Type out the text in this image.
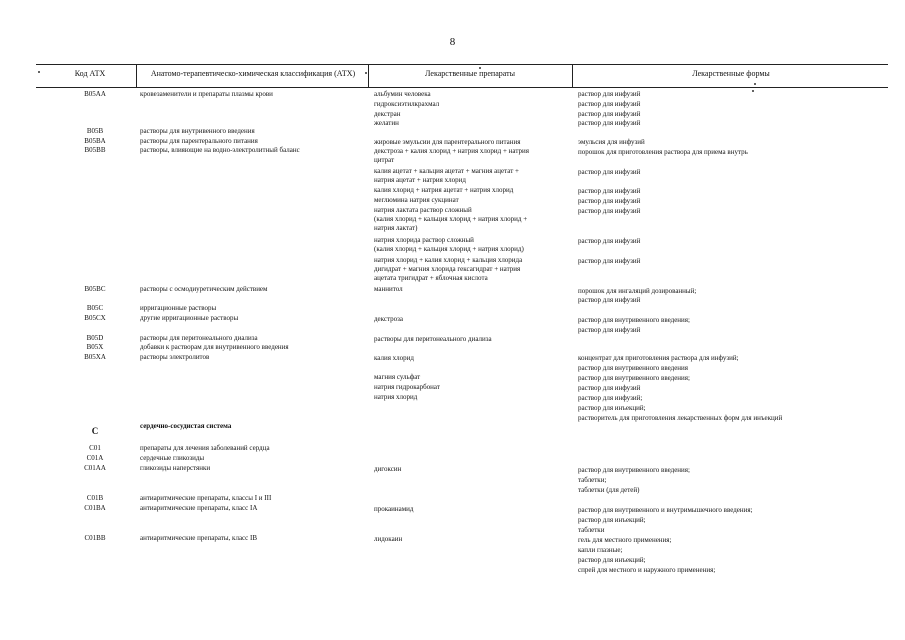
8
Код АТХ	Анатомо-терапевтическо-химическая классификация (АТХ)	Лекарственные препараты	Лекарственные формы
B05AA	кровезаменители и препараты плазмы крови	альбумин человека	раствор для инфузий
гидроксиэтилкрахмал	раствор для инфузий
декстран	раствор для инфузий
желатин	раствор для инфузий
B05B	растворы для внутривенного введения
B05BA	растворы для парентерального питания	жировые эмульсии для парентерального питания	эмульсия для инфузий
B05BB	растворы, влияющие на водно-электролитный баланс	декстроза + калия хлорид + натрия хлорид + натрия	порошок для приготовления раствора для приема внутрь
цитрат
калия ацетат + кальция ацетат + магния ацетат +	раствор для инфузий
натрия ацетат + натрия хлорид
калия хлорид + натрия ацетат + натрия хлорид	раствор для инфузий
меглюмина натрия сукцинат	раствор для инфузий
натрия лактата раствор сложный	раствор для инфузий
(калия хлорид + кальция хлорид + натрия хлорид +
натрия лактат)
натрия хлорида раствор сложный	раствор для инфузий
(калия хлорид + кальция хлорид + натрия хлорид)
натрия хлорид + калия хлорид + кальция хлорида	раствор для инфузий
дигидрат + магния хлорида гексагидрат + натрия
ацетата тригидрат + яблочная кислота
B05BC	растворы с осмодиуретическим действием	маннитол	порошок для ингаляций дозированный;
раствор для инфузий
B05C	ирригационные растворы
B05CX	другие ирригационные растворы	декстроза	раствор для внутривенного введения;
раствор для инфузий
B05D	растворы для перитонеального диализа	растворы для перитонеального диализа
B05X	добавки к растворам для внутривенного введения
B05XA	растворы электролитов	калия хлорид	концентрат для приготовления раствора для инфузий;
раствор для внутривенного введения
магния сульфат	раствор для внутривенного введения;
натрия гидрокарбонат	раствор для инфузий
натрия хлорид	раствор для инфузий;
раствор для инъекций;
растворитель для приготовления лекарственных форм для инъекций
C	сердечно-сосудистая система
C01	препараты для лечения заболеваний сердца
C01A	сердечные гликозиды
C01AA	гликозиды наперстянки	дигоксин	раствор для внутривенного введения;
таблетки;
таблетки (для детей)
C01B	антиаритмические препараты, классы I и III
C01BA	антиаритмические препараты, класс IA	прокаинамид	раствор для внутривенного и внутримышечного введения;
раствор для инъекций;
таблетки
C01BB	антиаритмические препараты, класс IB	лидокаин	гель для местного применения;
капли глазные;
раствор для инъекций;
спрей для местного и наружного применения;
